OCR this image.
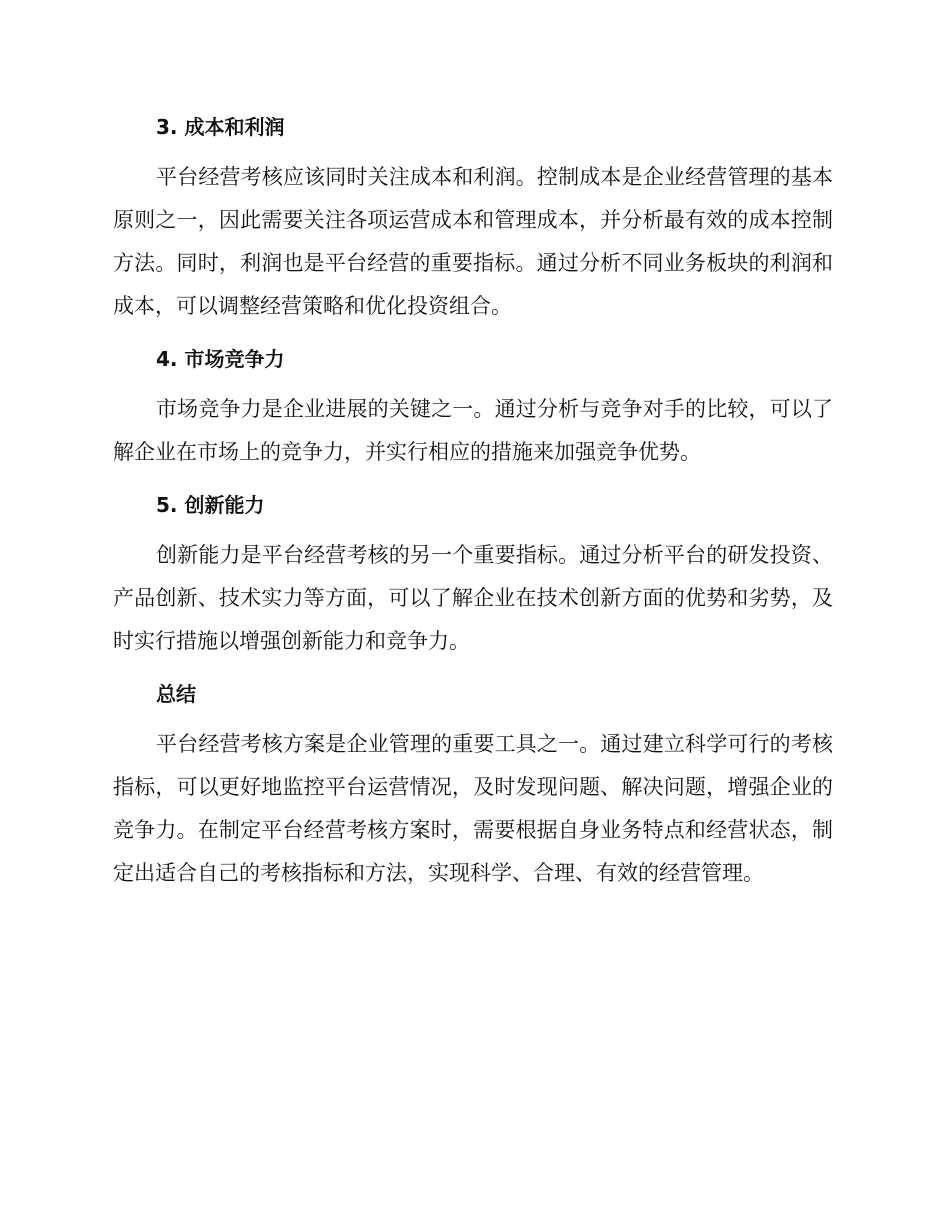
3. 成本和利润

平台经营考核应该同时关注成本和利润。控制成本是企业经营管理的基本原则之一，因此需要关注各项运营成本和管理成本，并分析最有效的成本控制方法。同时，利润也是平台经营的重要指标。通过分析不同业务板块的利润和成本，可以调整经营策略和优化投资组合。

4. 市场竞争力

市场竞争力是企业进展的关键之一。通过分析与竞争对手的比较，可以了解企业在市场上的竞争力，并实行相应的措施来加强竞争优势。

5. 创新能力

创新能力是平台经营考核的另一个重要指标。通过分析平台的研发投资、产品创新、技术实力等方面，可以了解企业在技术创新方面的优势和劣势，及时实行措施以增强创新能力和竞争力。

总结

平台经营考核方案是企业管理的重要工具之一。通过建立科学可行的考核指标，可以更好地监控平台运营情况，及时发现问题、解决问题，增强企业的竞争力。在制定平台经营考核方案时，需要根据自身业务特点和经营状态，制定出适合自己的考核指标和方法，实现科学、合理、有效的经营管理。
